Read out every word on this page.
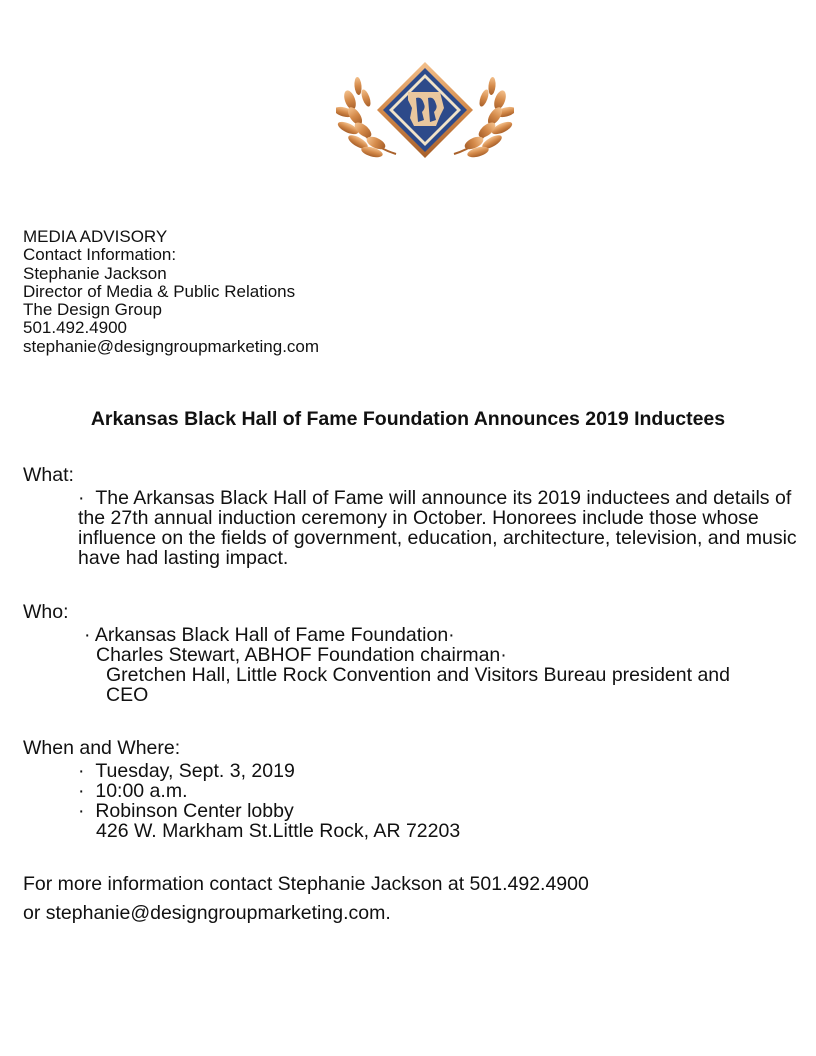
MEDIA ADVISORY
Contact Information:
Stephanie Jackson
Director of Media & Public Relations
The Design Group
501.492.4900
stephanie@designgroupmarketing.com
Arkansas Black Hall of Fame Foundation Announces 2019 Inductees
What:
· The Arkansas Black Hall of Fame will announce its 2019 inductees and details of the 27th annual induction ceremony in October. Honorees include those whose influence on the fields of government, education, architecture, television, and music have had lasting impact.
Who:
· Arkansas Black Hall of Fame Foundation·
Charles Stewart, ABHOF Foundation chairman·
Gretchen Hall, Little Rock Convention and Visitors Bureau president and
CEO
When and Where:
· Tuesday, Sept. 3, 2019
· 10:00 a.m.
· Robinson Center lobby
426 W. Markham St.Little Rock, AR 72203
For more information contact Stephanie Jackson at 501.492.4900
or stephanie@designgroupmarketing.com.
